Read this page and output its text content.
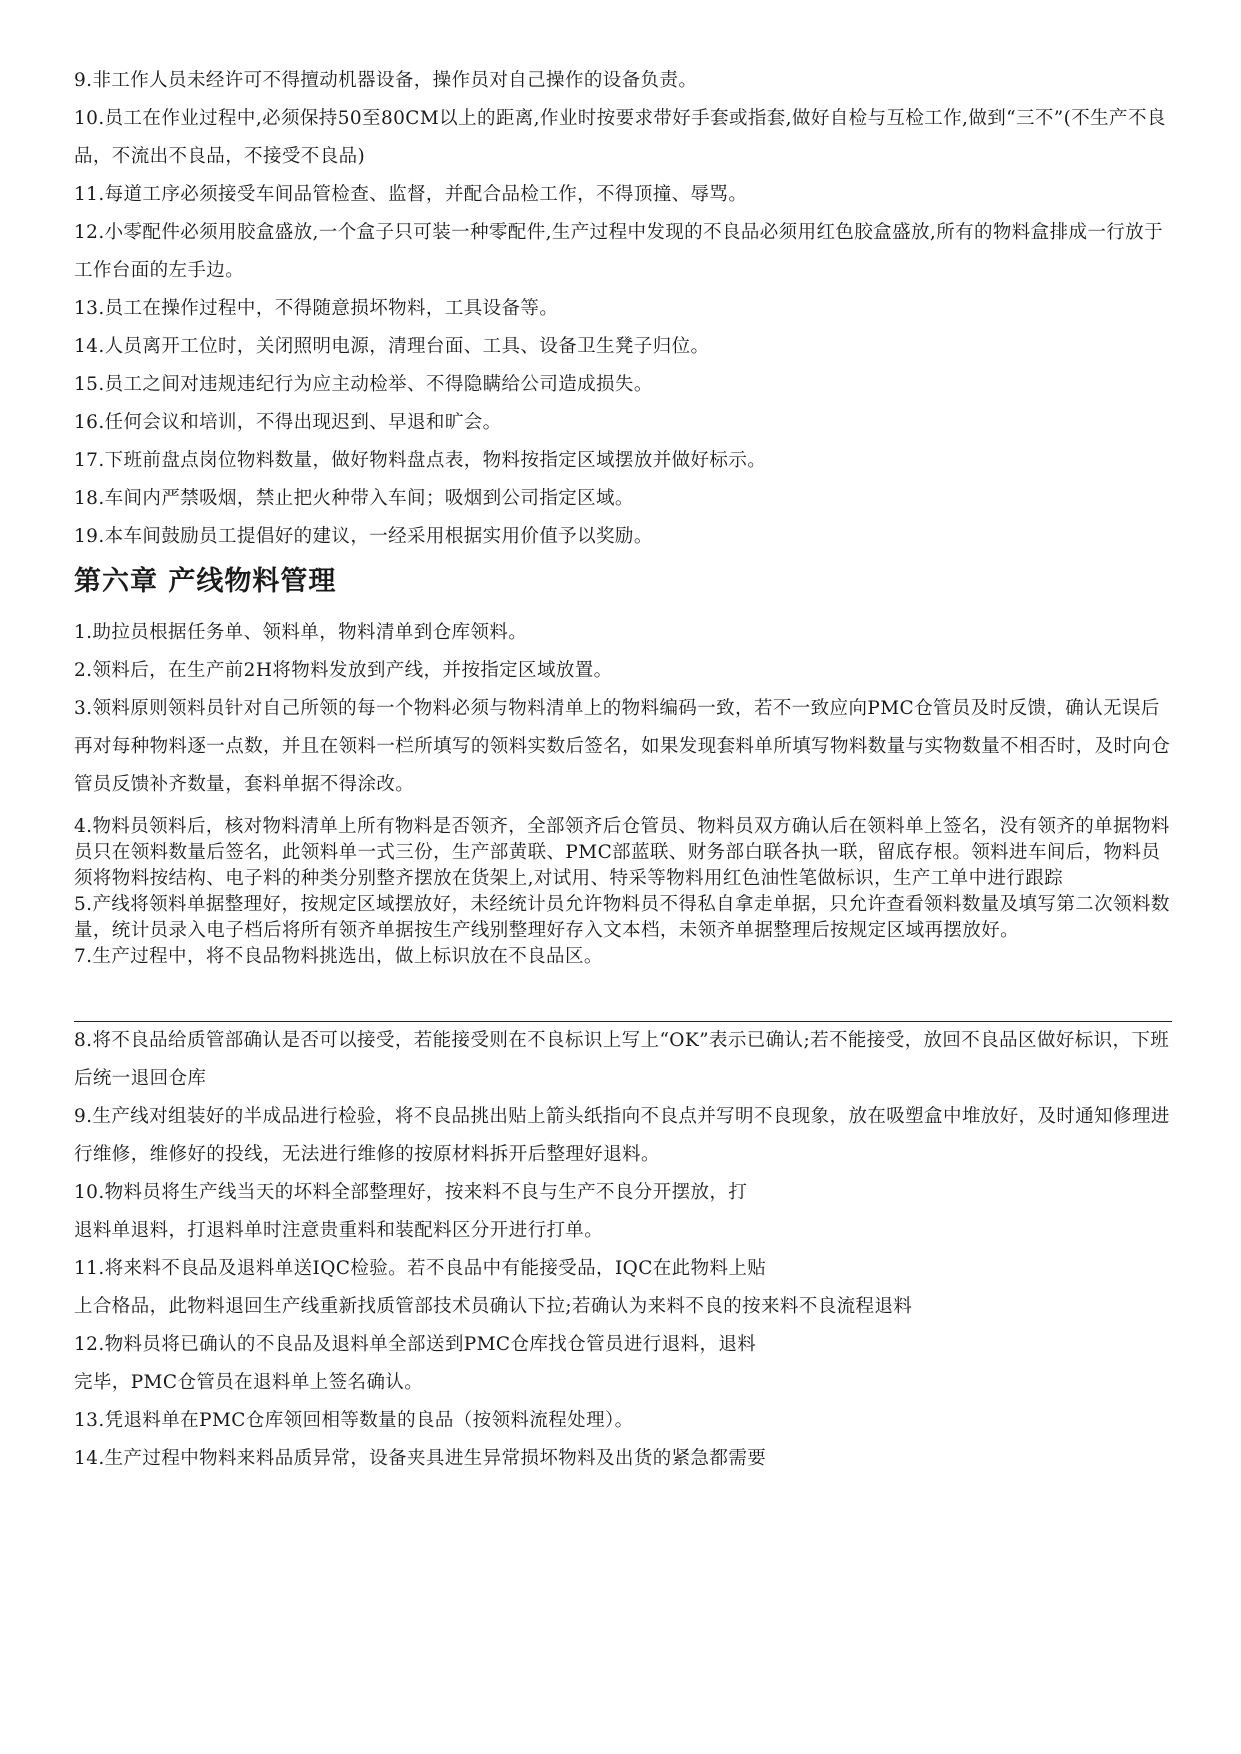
9.非工作人员未经许可不得擅动机器设备，操作员对自己操作的设备负责。

10.员工在作业过程中,必须保持50至80CM以上的距离,作业时按要求带好手套或指套,做好自检与互检工作,做到“三不”(不生产不良品，不流出不良品，不接受不良品)

11.每道工序必须接受车间品管检查、监督，并配合品检工作，不得顶撞、辱骂。

12.小零配件必须用胶盒盛放,一个盒子只可装一种零配件,生产过程中发现的不良品必须用红色胶盒盛放,所有的物料盒排成一行放于工作台面的左手边。

13.员工在操作过程中，不得随意损坏物料，工具设备等。

14.人员离开工位时，关闭照明电源，清理台面、工具、设备卫生凳子归位。

15.员工之间对违规违纪行为应主动检举、不得隐瞒给公司造成损失。

16.任何会议和培训，不得出现迟到、早退和旷会。

17.下班前盘点岗位物料数量，做好物料盘点表，物料按指定区域摆放并做好标示。

18.车间内严禁吸烟，禁止把火种带入车间；吸烟到公司指定区域。

19.本车间鼓励员工提倡好的建议，一经采用根据实用价值予以奖励。

第六章 产线物料管理

1.助拉员根据任务单、领料单，物料清单到仓库领料。

2.领料后，在生产前2H将物料发放到产线，并按指定区域放置。

3.领料原则领料员针对自己所领的每一个物料必须与物料清单上的物料编码一致，若不一致应向PMC仓管员及时反馈，确认无误后再对每种物料逐一点数，并且在领料一栏所填写的领料实数后签名，如果发现套料单所填写物料数量与实物数量不相否时，及时向仓管员反馈补齐数量，套料单据不得涂改。

4.物料员领料后，核对物料清单上所有物料是否领齐，全部领齐后仓管员、物料员双方确认后在领料单上签名，没有领齐的单据物料员只在领料数量后签名，此领料单一式三份，生产部黄联、PMC部蓝联、财务部白联各执一联，留底存根。领料进车间后，物料员须将物料按结构、电子料的种类分别整齐摆放在货架上,对试用、特采等物料用红色油性笔做标识，生产工单中进行跟踪

5.产线将领料单据整理好，按规定区域摆放好，未经统计员允许物料员不得私自拿走单据，只允许查看领料数量及填写第二次领料数量，统计员录入电子档后将所有领齐单据按生产线别整理好存入文本档，未领齐单据整理后按规定区域再摆放好。

7.生产过程中，将不良品物料挑选出，做上标识放在不良品区。

8.将不良品给质管部确认是否可以接受，若能接受则在不良标识上写上“OK”表示已确认;若不能接受，放回不良品区做好标识，下班后统一退回仓库

9.生产线对组装好的半成品进行检验，将不良品挑出贴上箭头纸指向不良点并写明不良现象，放在吸塑盒中堆放好，及时通知修理进行维修，维修好的投线，无法进行维修的按原材料拆开后整理好退料。

10.物料员将生产线当天的坏料全部整理好，按来料不良与生产不良分开摆放，打

退料单退料，打退料单时注意贵重料和装配料区分开进行打单。

11.将来料不良品及退料单送IQC检验。若不良品中有能接受品，IQC在此物料上贴

上合格品，此物料退回生产线重新找质管部技术员确认下拉;若确认为来料不良的按来料不良流程退料

12.物料员将已确认的不良品及退料单全部送到PMC仓库找仓管员进行退料，退料

完毕，PMC仓管员在退料单上签名确认。

13.凭退料单在PMC仓库领回相等数量的良品（按领料流程处理）。

14.生产过程中物料来料品质异常，设备夹具进生异常损坏物料及出货的紧急都需要
